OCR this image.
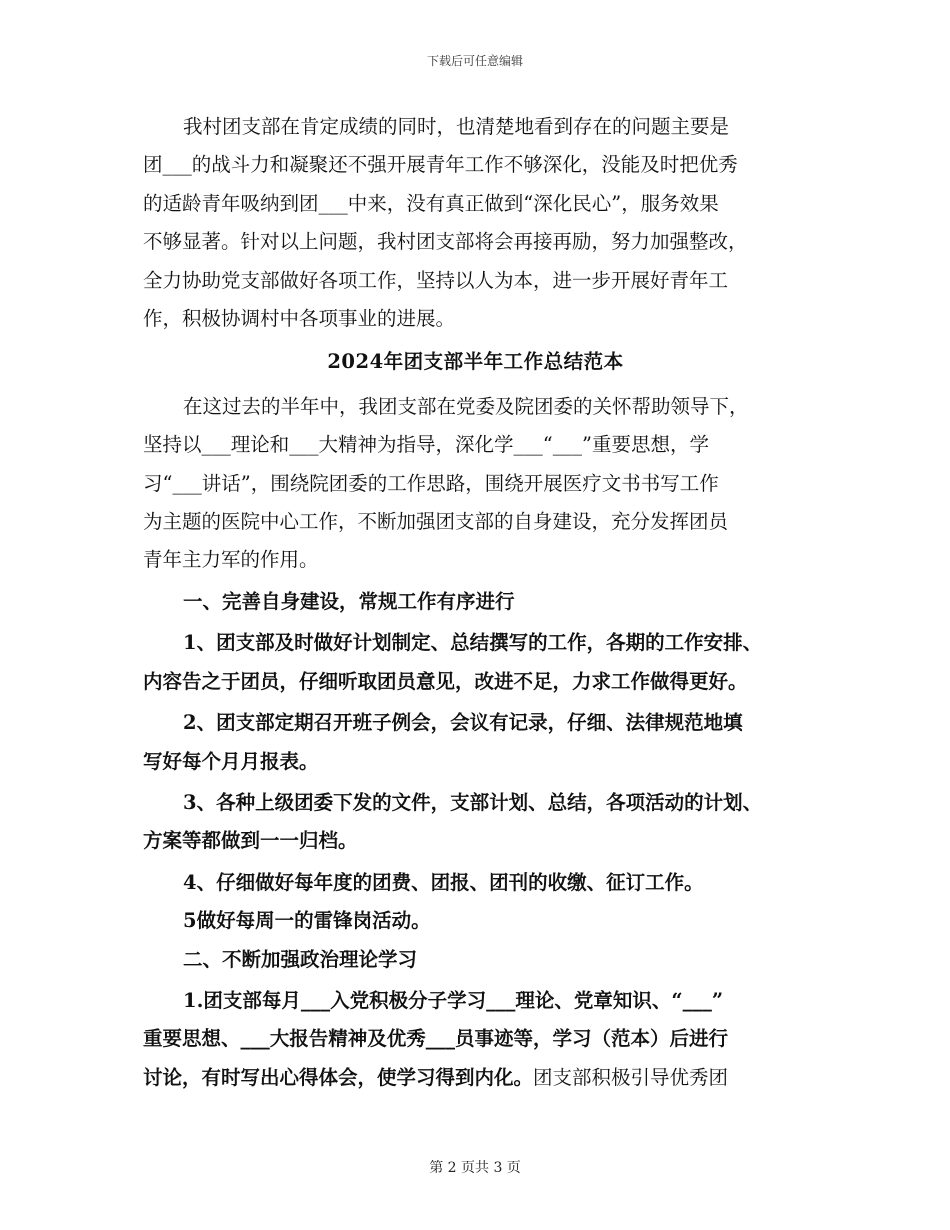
下载后可任意编辑
我村团支部在肯定成绩的同时，也清楚地看到存在的问题主要是
团___的战斗力和凝聚还不强开展青年工作不够深化，没能及时把优秀
的适龄青年吸纳到团___中来，没有真正做到“深化民心”，服务效果
不够显著。针对以上问题，我村团支部将会再接再励，努力加强整改，
全力协助党支部做好各项工作，坚持以人为本，进一步开展好青年工
作，积极协调村中各项事业的进展。
2024年团支部半年工作总结范本
在这过去的半年中，我团支部在党委及院团委的关怀帮助领导下，
坚持以___理论和___大精神为指导，深化学___“___”重要思想，学
习“___讲话”，围绕院团委的工作思路，围绕开展医疗文书书写工作
为主题的医院中心工作，不断加强团支部的自身建设，充分发挥团员
青年主力军的作用。
一、完善自身建设，常规工作有序进行
1、团支部及时做好计划制定、总结撰写的工作，各期的工作安排、
内容告之于团员，仔细听取团员意见，改进不足，力求工作做得更好。
2、团支部定期召开班子例会，会议有记录，仔细、法律规范地填
写好每个月月报表。
3、各种上级团委下发的文件，支部计划、总结，各项活动的计划、
方案等都做到一一归档。
4、仔细做好每年度的团费、团报、团刊的收缴、征订工作。
5做好每周一的雷锋岗活动。
二、不断加强政治理论学习
1.团支部每月___入党积极分子学习___理论、党章知识、“___”
重要思想、___大报告精神及优秀___员事迹等，学习（范本）后进行
讨论，有时写出心得体会，使学习得到内化。团支部积极引导优秀团
第 2 页共 3 页
